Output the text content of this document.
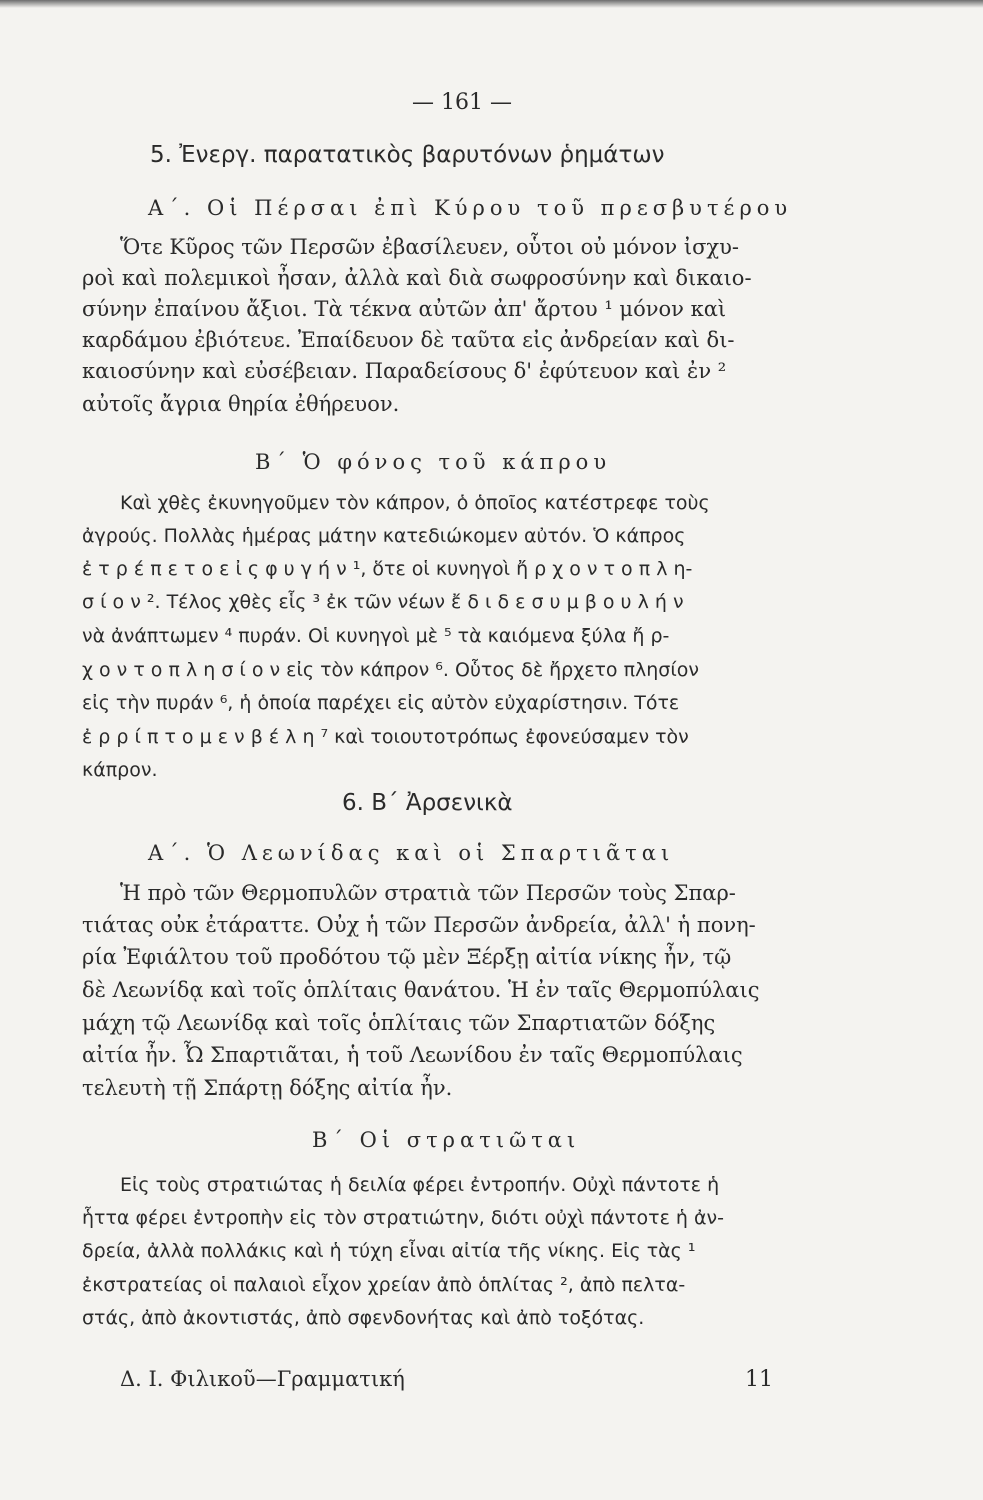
— 161 —

5. Ἐνεργ. παρατατικὸς βαρυτόνων ῥημάτων

Α΄. Οἱ Πέρσαι ἐπὶ Κύρου τοῦ πρεσβυτέρου

Ὅτε Κῦρος τῶν Περσῶν ἐβασίλευεν, οὗτοι οὐ μόνον ἰσχυ-

ροὶ καὶ πολεμικοὶ ἦσαν, ἀλλὰ καὶ διὰ σωφροσύνην καὶ δικαιο-

σύνην ἐπαίνου ἄξιοι. Τὰ τέκνα αὐτῶν ἀπ' ἄρτου ¹ μόνον καὶ

καρδάμου ἐβιότευε. Ἐπαίδευον δὲ ταῦτα εἰς ἀνδρείαν καὶ δι-

καιοσύνην καὶ εὐσέβειαν. Παραδείσους δ' ἐφύτευον καὶ ἐν ²

αὐτοῖς ἄγρια θηρία ἐθήρευον.

Β΄ Ὁ φόνος τοῦ κάπρου

Καὶ χθὲς ἐκυνηγοῦμεν τὸν κάπρον, ὁ ὁποῖος κατέστρεφε τοὺς

ἀγρούς. Πολλὰς ἡμέρας μάτην κατεδιώκομεν αὐτόν. Ὁ κάπρος

ἐ τ ρ έ π ε τ ο ε ἰ ς φ υ γ ή ν ¹, ὅτε οἱ κυνηγοὶ ἤ ρ χ ο ν τ ο π λ η-

σ ί ο ν ². Τέλος χθὲς εἷς ³ ἐκ τῶν νέων ἔ δ ι δ ε σ υ μ β ο υ λ ή ν

νὰ ἀνάπτωμεν ⁴ πυράν. Οἱ κυνηγοὶ μὲ ⁵ τὰ καιόμενα ξύλα ἤ ρ-

χ ο ν τ ο π λ η σ ί ο ν εἰς τὸν κάπρον ⁶. Οὗτος δὲ ἤρχετο πλησίον

εἰς τὴν πυράν ⁶, ἡ ὁποία παρέχει εἰς αὐτὸν εὐχαρίστησιν. Τότε

ἐ ρ ρ ί π τ ο μ ε ν β έ λ η ⁷ καὶ τοιουτοτρόπως ἐφονεύσαμεν τὸν

κάπρον.

6. Β΄ Ἀρσενικὰ

Α΄. Ὁ Λεωνίδας καὶ οἱ Σπαρτιᾶται

Ἡ πρὸ τῶν Θερμοπυλῶν στρατιὰ τῶν Περσῶν τοὺς Σπαρ-

τιάτας οὐκ ἐτάραττε. Οὐχ ἡ τῶν Περσῶν ἀνδρεία, ἀλλ' ἡ πονη-

ρία Ἐφιάλτου τοῦ προδότου τῷ μὲν Ξέρξῃ αἰτία νίκης ἦν, τῷ

δὲ Λεωνίδᾳ καὶ τοῖς ὁπλίταις θανάτου. Ἡ ἐν ταῖς Θερμοπύλαις

μάχη τῷ Λεωνίδᾳ καὶ τοῖς ὁπλίταις τῶν Σπαρτιατῶν δόξης

αἰτία ἦν. Ὦ Σπαρτιᾶται, ἡ τοῦ Λεωνίδου ἐν ταῖς Θερμοπύλαις

τελευτὴ τῇ Σπάρτῃ δόξης αἰτία ἦν.

Β΄ Οἱ στρατιῶται

Εἰς τοὺς στρατιώτας ἡ δειλία φέρει ἐντροπήν. Οὐχὶ πάντοτε ἡ

ἧττα φέρει ἐντροπὴν εἰς τὸν στρατιώτην, διότι οὐχὶ πάντοτε ἡ ἀν-

δρεία, ἀλλὰ πολλάκις καὶ ἡ τύχη εἶναι αἰτία τῆς νίκης. Εἰς τὰς ¹

ἐκστρατείας οἱ παλαιοὶ εἶχον χρείαν ἀπὸ ὁπλίτας ², ἀπὸ πελτα-

στάς, ἀπὸ ἀκοντιστάς, ἀπὸ σφενδονήτας καὶ ἀπὸ τοξότας.

Δ. Ι. Φιλικοῦ—Γραμματική	11
